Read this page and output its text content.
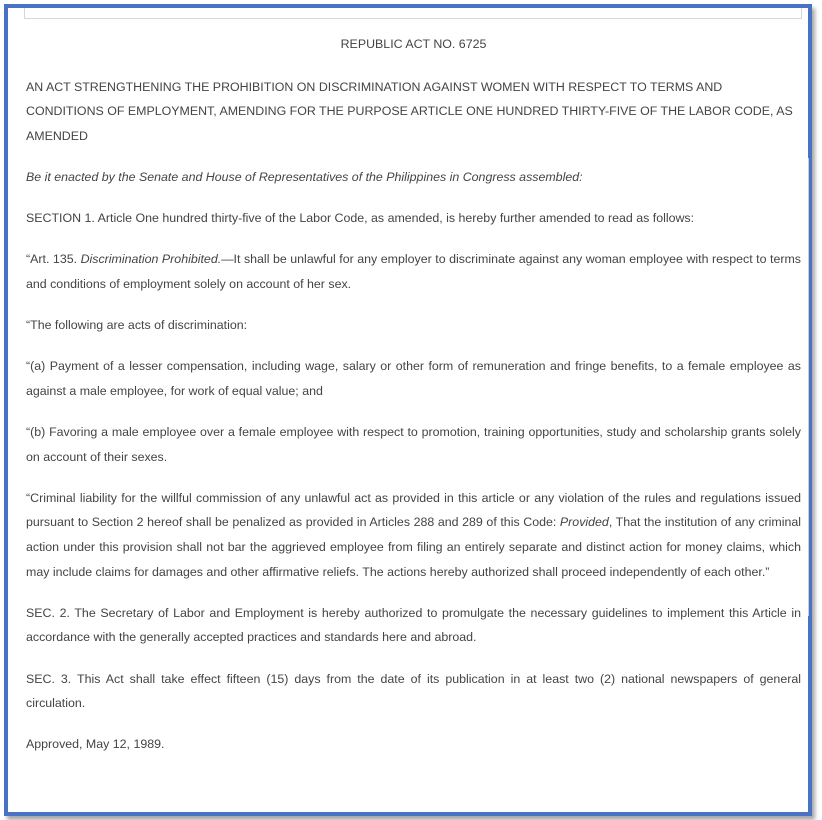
REPUBLIC ACT NO. 6725

AN ACT STRENGTHENING THE PROHIBITION ON DISCRIMINATION AGAINST WOMEN WITH RESPECT TO TERMS AND CONDITIONS OF EMPLOYMENT, AMENDING FOR THE PURPOSE ARTICLE ONE HUNDRED THIRTY-FIVE OF THE LABOR CODE, AS AMENDED

Be it enacted by the Senate and House of Representatives of the Philippines in Congress assembled:

SECTION 1. Article One hundred thirty-five of the Labor Code, as amended, is hereby further amended to read as follows:

“Art. 135. Discrimination Prohibited.—It shall be unlawful for any employer to discriminate against any woman employee with respect to terms and conditions of employment solely on account of her sex.

“The following are acts of discrimination:

“(a) Payment of a lesser compensation, including wage, salary or other form of remuneration and fringe benefits, to a female employee as against a male employee, for work of equal value; and

“(b) Favoring a male employee over a female employee with respect to promotion, training opportunities, study and scholarship grants solely on account of their sexes.

“Criminal liability for the willful commission of any unlawful act as provided in this article or any violation of the rules and regulations issued pursuant to Section 2 hereof shall be penalized as provided in Articles 288 and 289 of this Code: Provided, That the institution of any criminal action under this provision shall not bar the aggrieved employee from filing an entirely separate and distinct action for money claims, which may include claims for damages and other affirmative reliefs. The actions hereby authorized shall proceed independently of each other.”

SEC. 2. The Secretary of Labor and Employment is hereby authorized to promulgate the necessary guidelines to implement this Article in accordance with the generally accepted practices and standards here and abroad.

SEC. 3. This Act shall take effect fifteen (15) days from the date of its publication in at least two (2) national newspapers of general circulation.

Approved, May 12, 1989.
